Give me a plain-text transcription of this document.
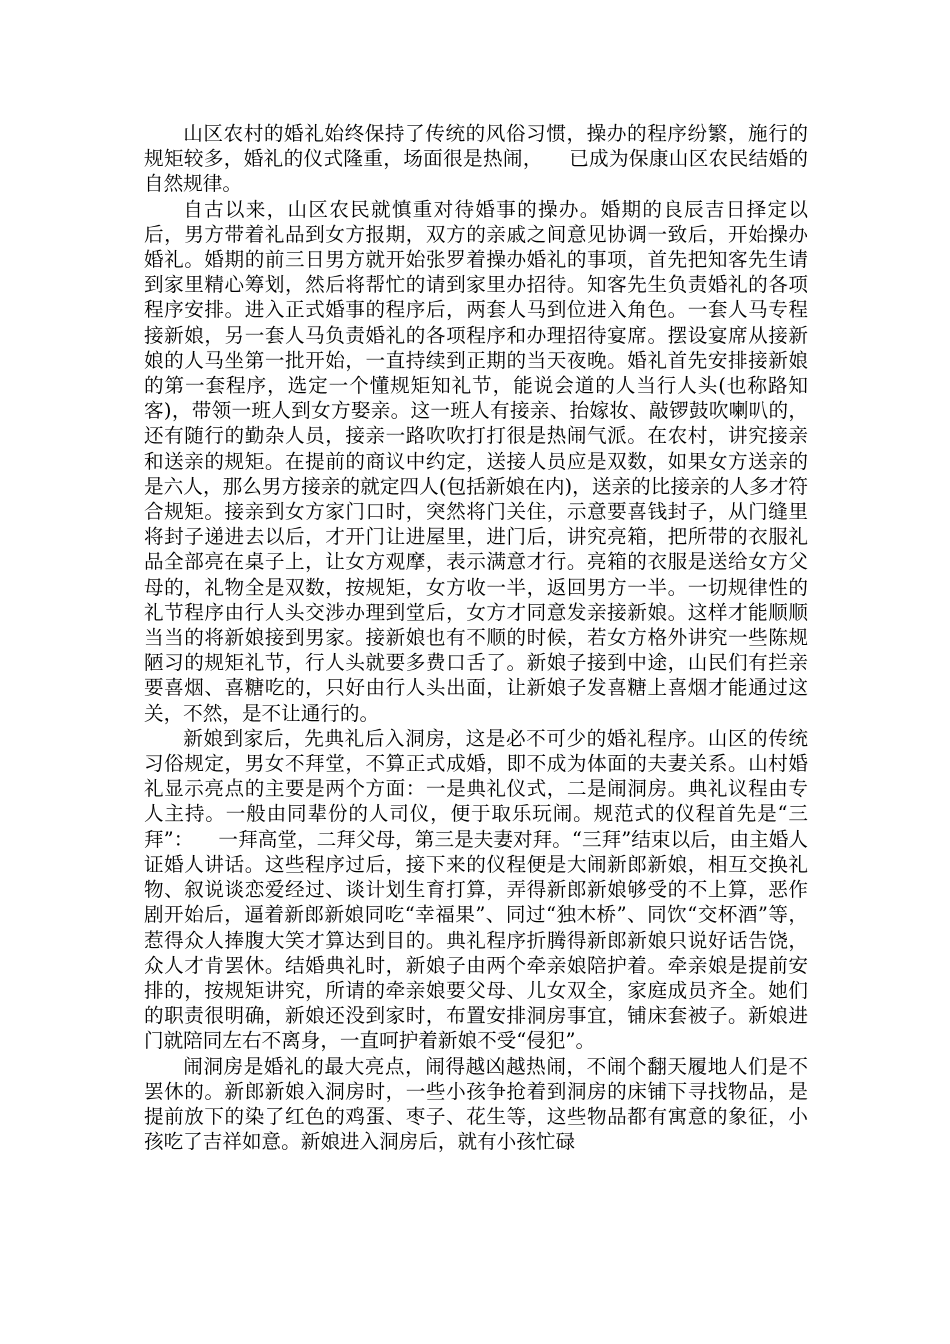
山区农村的婚礼始终保持了传统的风俗习惯，操办的程序纷繁，施行的规矩较多，婚礼的仪式隆重，场面很是热闹，    已成为保康山区农民结婚的自然规律。

自古以来，山区农民就慎重对待婚事的操办。婚期的良辰吉日择定以后，男方带着礼品到女方报期，双方的亲戚之间意见协调一致后，开始操办婚礼。婚期的前三日男方就开始张罗着操办婚礼的事项，首先把知客先生请到家里精心筹划，然后将帮忙的请到家里办招待。知客先生负责婚礼的各项程序安排。进入正式婚事的程序后，两套人马到位进入角色。一套人马专程接新娘，另一套人马负责婚礼的各项程序和办理招待宴席。摆设宴席从接新娘的人马坐第一批开始，一直持续到正期的当天夜晚。婚礼首先安排接新娘的第一套程序，选定一个懂规矩知礼节，能说会道的人当行人头(也称路知客)，带领一班人到女方娶亲。这一班人有接亲、抬嫁妆、敲锣鼓吹喇叭的，还有随行的勤杂人员，接亲一路吹吹打打很是热闹气派。在农村，讲究接亲和送亲的规矩。在提前的商议中约定，送接人员应是双数，如果女方送亲的是六人，那么男方接亲的就定四人(包括新娘在内)，送亲的比接亲的人多才符合规矩。接亲到女方家门口时，突然将门关住，示意要喜钱封子，从门缝里将封子递进去以后，才开门让进屋里，进门后，讲究亮箱，把所带的衣服礼品全部亮在桌子上，让女方观摩，表示满意才行。亮箱的衣服是送给女方父母的，礼物全是双数，按规矩，女方收一半，返回男方一半。一切规律性的礼节程序由行人头交涉办理到堂后，女方才同意发亲接新娘。这样才能顺顺当当的将新娘接到男家。接新娘也有不顺的时候，若女方格外讲究一些陈规陋习的规矩礼节，行人头就要多费口舌了。新娘子接到中途，山民们有拦亲要喜烟、喜糖吃的，只好由行人头出面，让新娘子发喜糖上喜烟才能通过这关，不然，是不让通行的。

新娘到家后，先典礼后入洞房，这是必不可少的婚礼程序。山区的传统习俗规定，男女不拜堂，不算正式成婚，即不成为体面的夫妻关系。山村婚礼显示亮点的主要是两个方面：一是典礼仪式，二是闹洞房。典礼议程由专人主持。一般由同辈份的人司仪，便于取乐玩闹。规范式的仪程首先是“三拜”：    一拜高堂，二拜父母，第三是夫妻对拜。“三拜”结束以后，由主婚人证婚人讲话。这些程序过后，接下来的仪程便是大闹新郎新娘，相互交换礼物、叙说谈恋爱经过、谈计划生育打算，弄得新郎新娘够受的不上算，恶作剧开始后，逼着新郎新娘同吃“幸福果”、同过“独木桥”、同饮“交杯酒”等，惹得众人捧腹大笑才算达到目的。典礼程序折腾得新郎新娘只说好话告饶，众人才肯罢休。结婚典礼时，新娘子由两个牵亲娘陪护着。牵亲娘是提前安排的，按规矩讲究，所请的牵亲娘要父母、儿女双全，家庭成员齐全。她们的职责很明确，新娘还没到家时，布置安排洞房事宜，铺床套被子。新娘进门就陪同左右不离身，一直呵护着新娘不受“侵犯”。

闹洞房是婚礼的最大亮点，闹得越凶越热闹，不闹个翻天履地人们是不罢休的。新郎新娘入洞房时，一些小孩争抢着到洞房的床铺下寻找物品，是提前放下的染了红色的鸡蛋、枣子、花生等，这些物品都有寓意的象征，小孩吃了吉祥如意。新娘进入洞房后，就有小孩忙碌
